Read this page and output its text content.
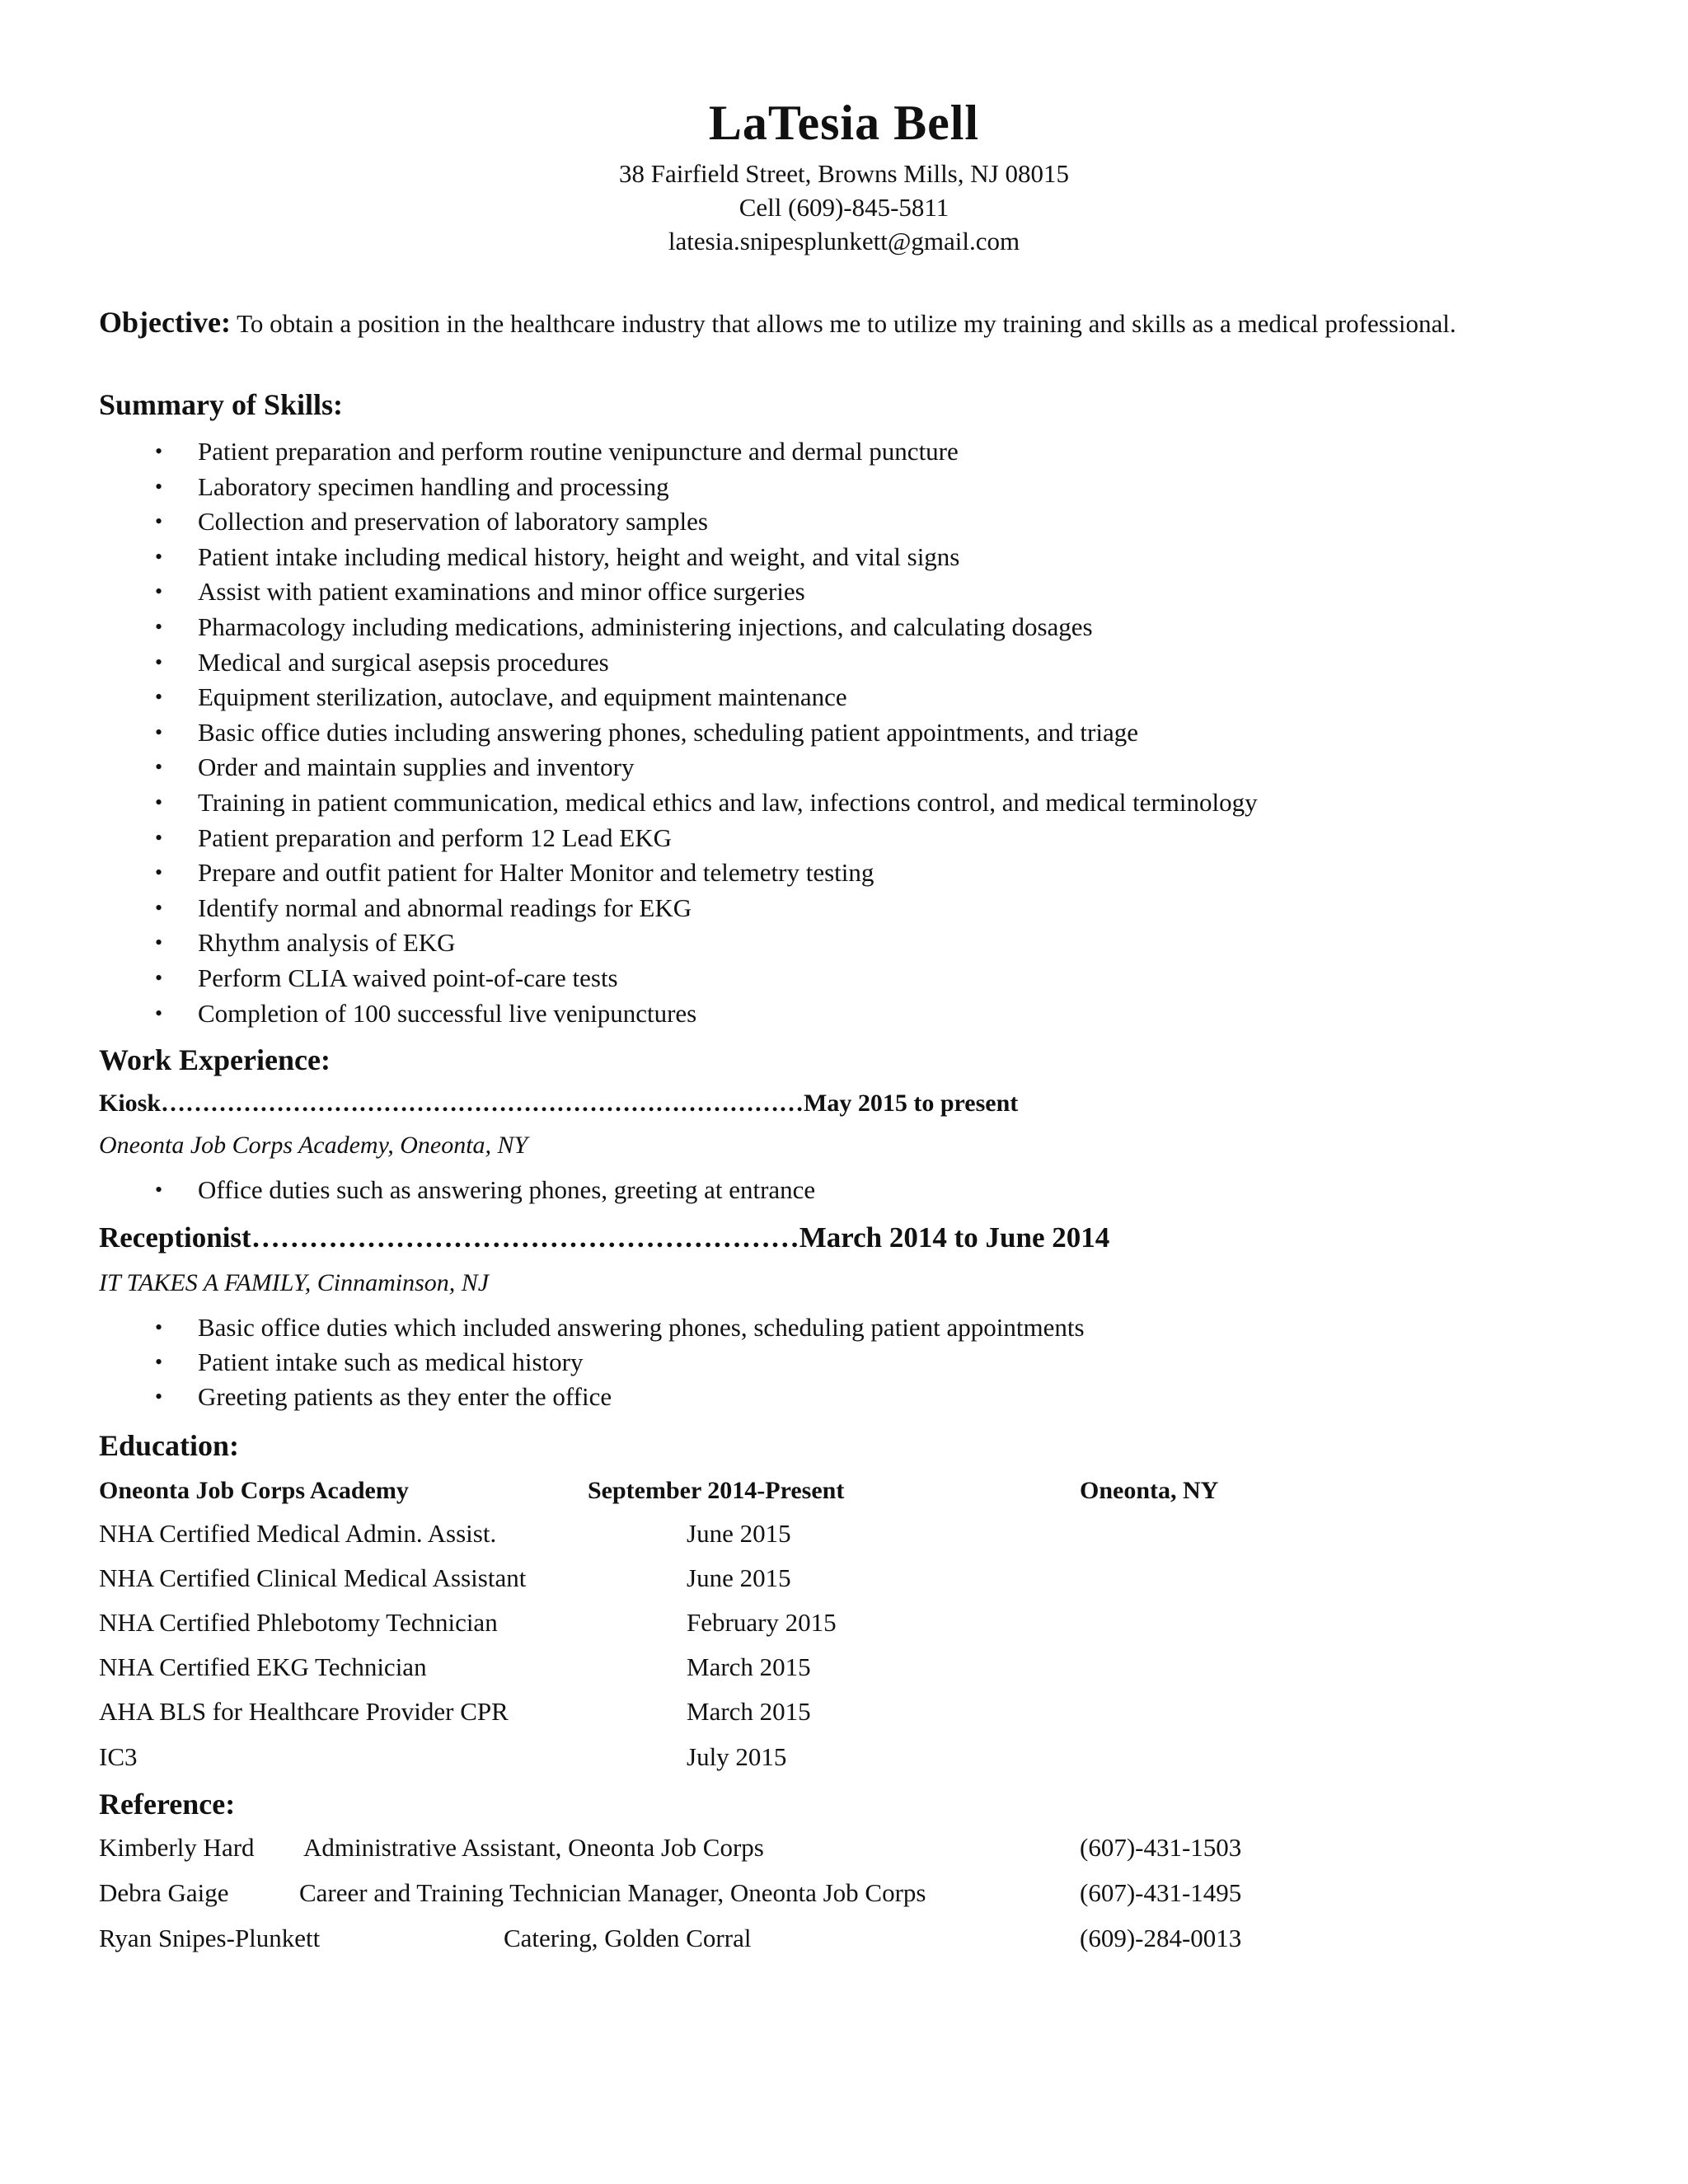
LaTesia Bell
38 Fairfield Street, Browns Mills, NJ 08015
Cell (609)-845-5811
latesia.snipesplunkett@gmail.com
Objective: To obtain a position in the healthcare industry that allows me to utilize my training and skills as a medical professional.
Summary of Skills:
• Patient preparation and perform routine venipuncture and dermal puncture
• Laboratory specimen handling and processing
• Collection and preservation of laboratory samples
• Patient intake including medical history, height and weight, and vital signs
• Assist with patient examinations and minor office surgeries
• Pharmacology including medications, administering injections, and calculating dosages
• Medical and surgical asepsis procedures
• Equipment sterilization, autoclave, and equipment maintenance
• Basic office duties including answering phones, scheduling patient appointments, and triage
• Order and maintain supplies and inventory
• Training in patient communication, medical ethics and law, infections control, and medical terminology
• Patient preparation and perform 12 Lead EKG
• Prepare and outfit patient for Halter Monitor and telemetry testing
• Identify normal and abnormal readings for EKG
• Rhythm analysis of EKG
• Perform CLIA waived point-of-care tests
• Completion of 100 successful live venipunctures
Work Experience:
Kiosk……………………………………………………………………May 2015 to present
Oneonta Job Corps Academy, Oneonta, NY
• Office duties such as answering phones, greeting at entrance
Receptionist…………………………………………………March 2014 to June 2014
IT TAKES A FAMILY, Cinnaminson, NJ
• Basic office duties which included answering phones, scheduling patient appointments
• Patient intake such as medical history
• Greeting patients as they enter the office
Education:
Oneonta Job Corps Academy	September 2014-Present	Oneonta, NY
NHA Certified Medical Admin. Assist.	June 2015
NHA Certified Clinical Medical Assistant	June 2015
NHA Certified Phlebotomy Technician	February 2015
NHA Certified EKG Technician	March 2015
AHA BLS for Healthcare Provider CPR	March 2015
IC3	July 2015
Reference:
Kimberly Hard Administrative Assistant, Oneonta Job Corps	(607)-431-1503
Debra Gaige	Career and Training Technician Manager, Oneonta Job Corps	(607)-431-1495
Ryan Snipes-Plunkett	Catering, Golden Corral	(609)-284-0013
